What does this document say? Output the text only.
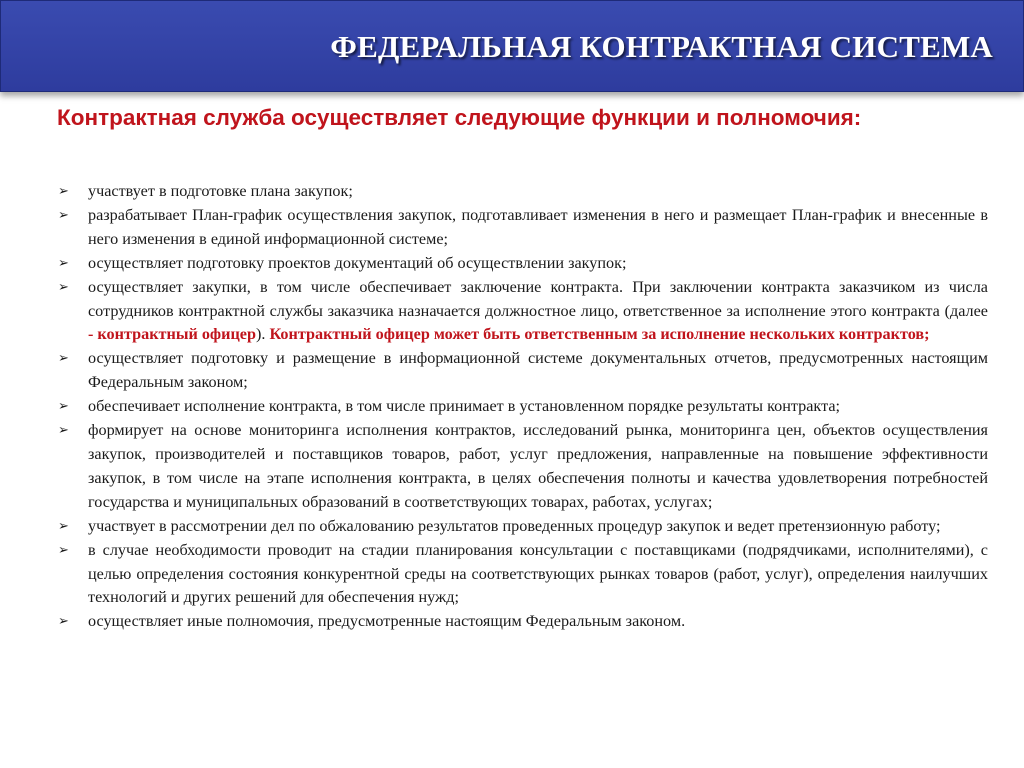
ФЕДЕРАЛЬНАЯ КОНТРАКТНАЯ СИСТЕМА
Контрактная служба осуществляет следующие функции и полномочия:
➢ участвует в подготовке плана закупок;
➢ разрабатывает План-график осуществления закупок, подготавливает изменения в него и размещает План-график и внесенные в него изменения в единой информационной системе;
➢ осуществляет подготовку проектов документаций об осуществлении закупок;
➢ осуществляет закупки, в том числе обеспечивает заключение контракта. При заключении контракта заказчиком из числа сотрудников контрактной службы заказчика назначается должностное лицо, ответственное за исполнение этого контракта (далее - контрактный офицер). Контрактный офицер может быть ответственным за исполнение нескольких контрактов;
➢ осуществляет подготовку и размещение в информационной системе документальных отчетов, предусмотренных настоящим Федеральным законом;
➢ обеспечивает исполнение контракта, в том числе принимает в установленном порядке результаты контракта;
➢ формирует на основе мониторинга исполнения контрактов, исследований рынка, мониторинга цен, объектов осуществления закупок, производителей и поставщиков товаров, работ, услуг предложения, направленные на повышение эффективности закупок, в том числе на этапе исполнения контракта, в целях обеспечения полноты и качества удовлетворения потребностей государства и муниципальных образований в соответствующих товарах, работах, услугах;
➢ участвует в рассмотрении дел по обжалованию результатов проведенных процедур закупок и ведет претензионную работу;
➢ в случае необходимости проводит на стадии планирования консультации с поставщиками (подрядчиками, исполнителями), с целью определения состояния конкурентной среды на соответствующих рынках товаров (работ, услуг), определения наилучших технологий и других решений для обеспечения нужд;
➢ осуществляет иные полномочия, предусмотренные настоящим Федеральным законом.
